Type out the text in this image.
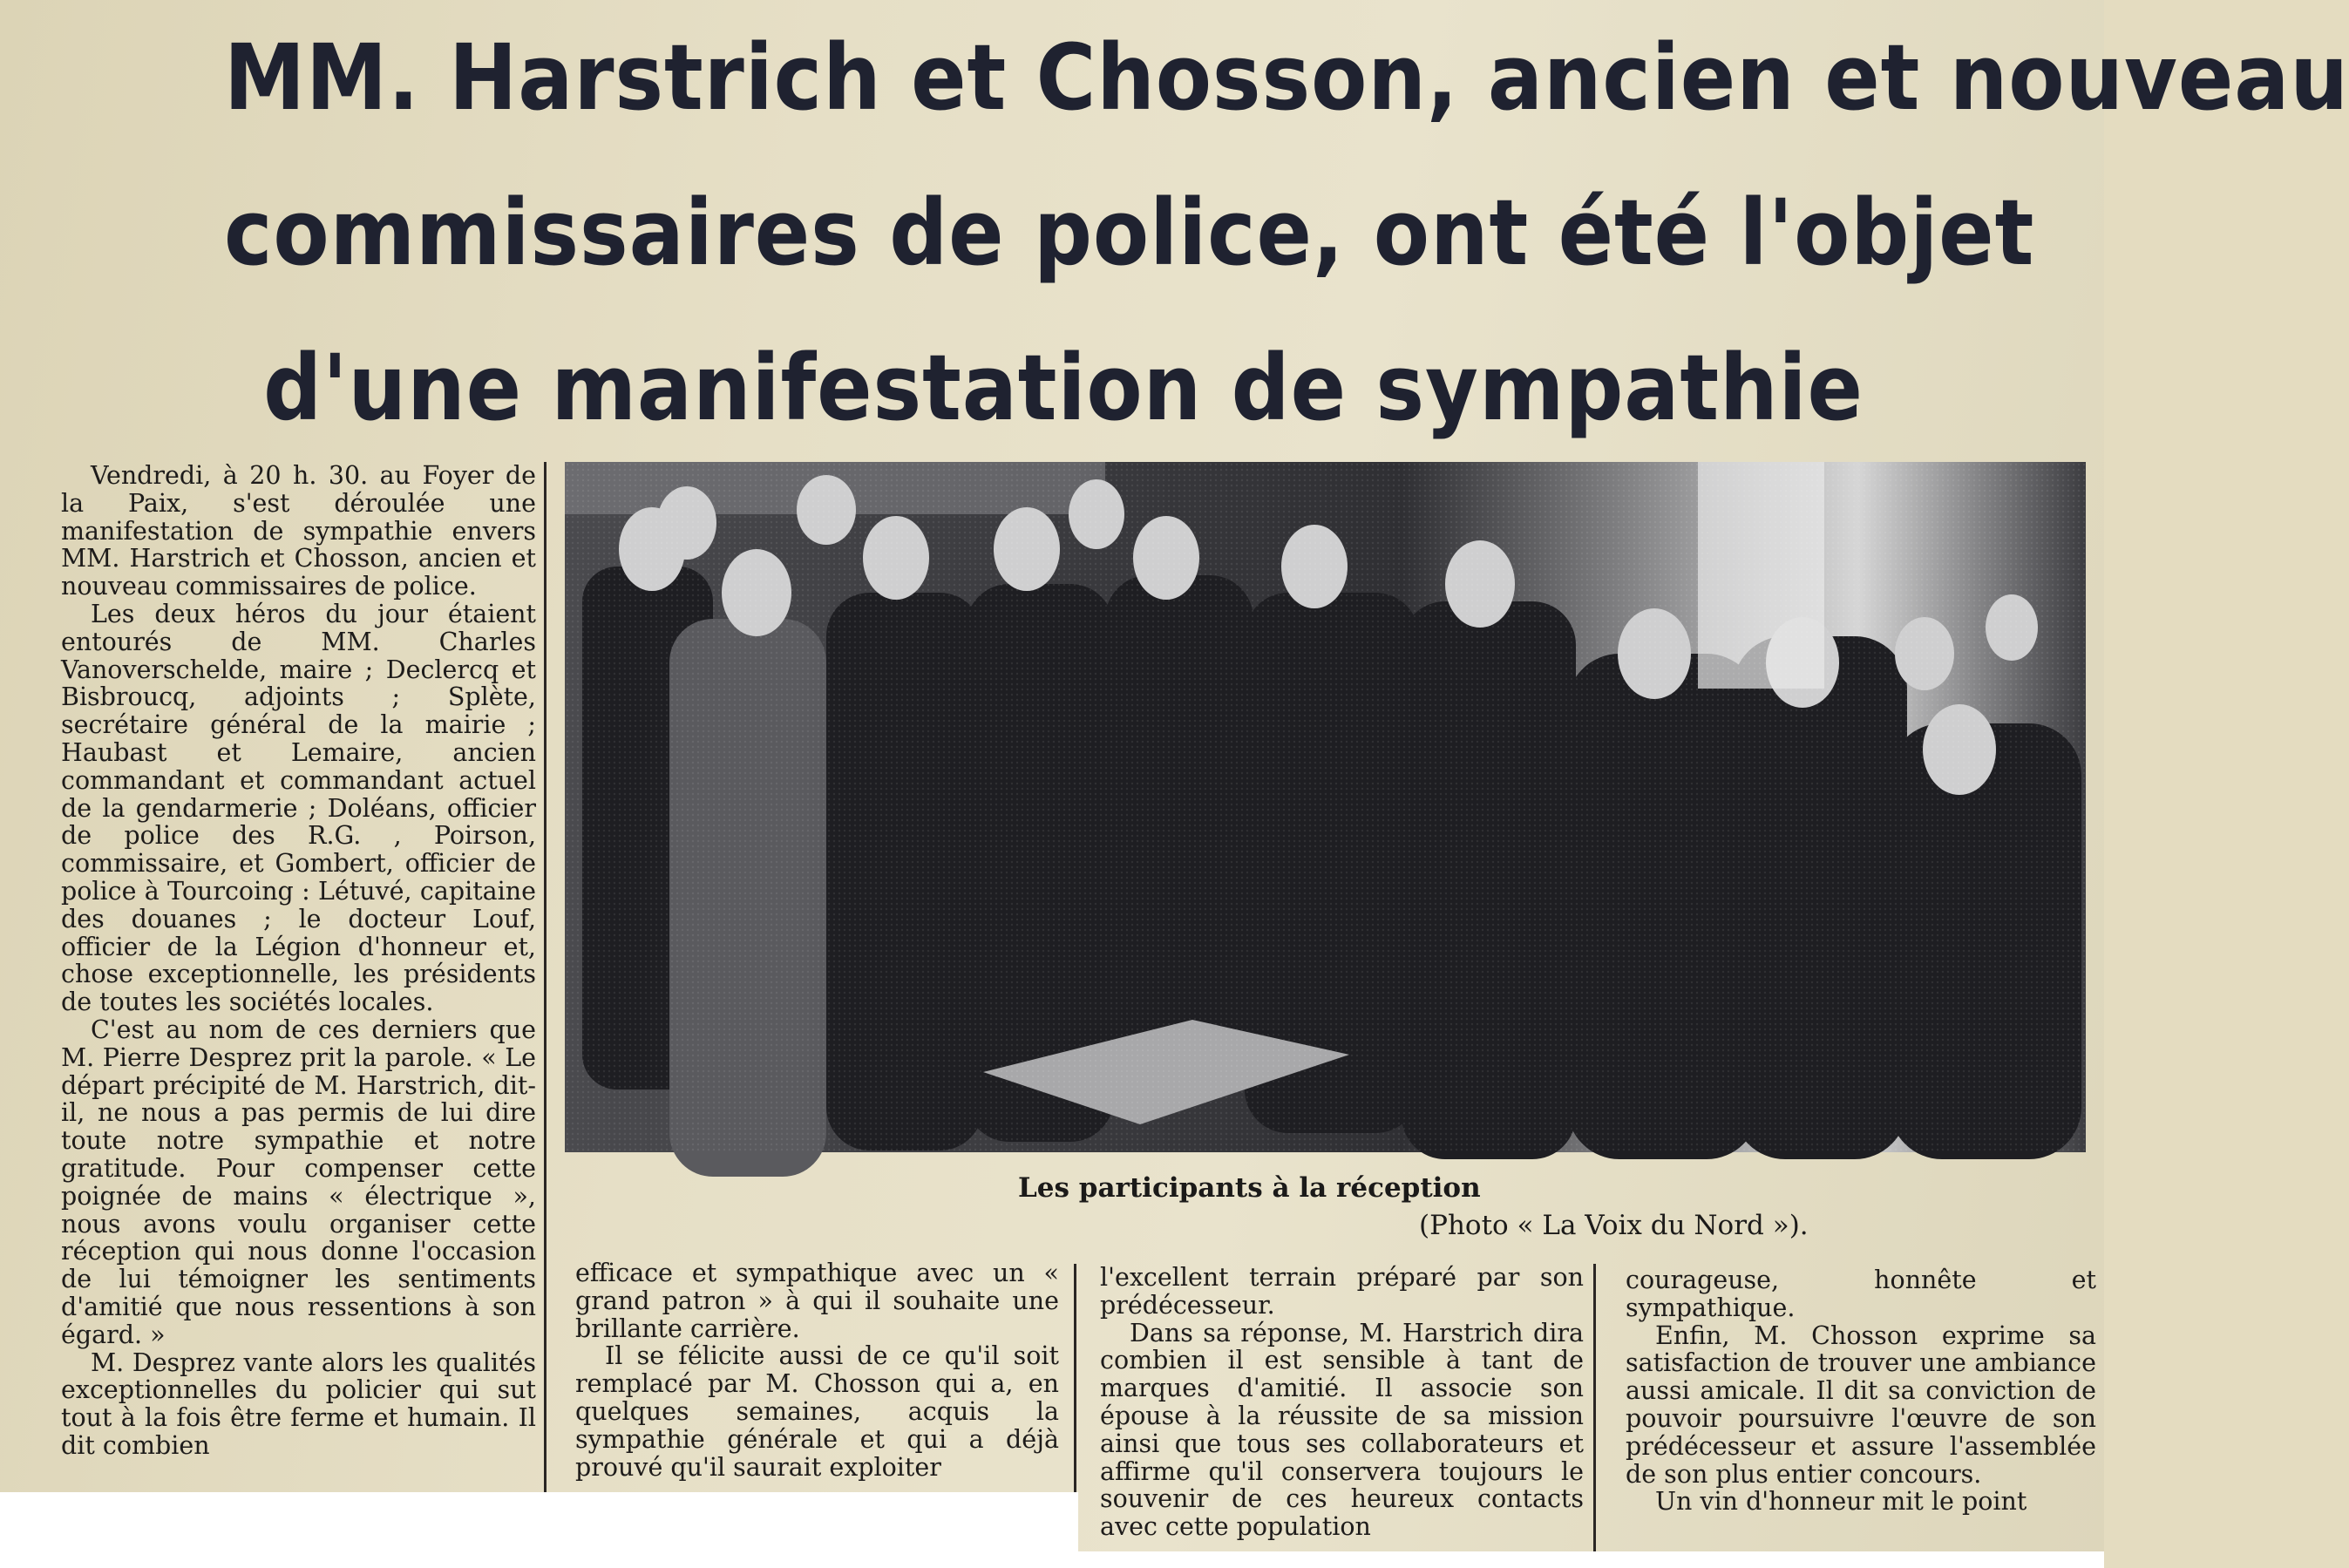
MM. Harstrich et Chosson, ancien et nouveau
commissaires de police, ont été l'objet
d'une manifestation de sympathie

Vendredi, à 20 h. 30. au Foyer de la Paix, s'est déroulée une manifestation de sympathie envers MM. Harstrich et Chosson, ancien et nouveau commissaires de police.

Les deux héros du jour étaient entourés de MM. Charles Vanoverschelde, maire ; Declercq et Bisbroucq, adjoints ; Splète, secrétaire général de la mairie ; Haubast et Lemaire, ancien commandant et commandant actuel de la gendarmerie ; Doléans, officier de police des R.G. , Poirson, commissaire, et Gombert, officier de police à Tourcoing : Létuvé, capitaine des douanes ; le docteur Louf, officier de la Légion d'honneur et, chose exceptionnelle, les présidents de toutes les sociétés locales.

C'est au nom de ces derniers que M. Pierre Desprez prit la parole. « Le départ précipité de M. Harstrich, dit-il, ne nous a pas permis de lui dire toute notre sympathie et notre gratitude. Pour compenser cette poignée de mains « électrique », nous avons voulu organiser cette réception qui nous donne l'occasion de lui témoigner les sentiments d'amitié que nous ressentions à son égard. »

M. Desprez vante alors les qualités exceptionnelles du policier qui sut tout à la fois être ferme et humain. Il dit combien

Les participants à la réception
(Photo « La Voix du Nord »).

efficace et sympathique avec un « grand patron » à qui il souhaite une brillante carrière.

Il se félicite aussi de ce qu'il soit remplacé par M. Chosson qui a, en quelques semaines, acquis la sympathie générale et qui a déjà prouvé qu'il saurait exploiter

l'excellent terrain préparé par son prédécesseur.

Dans sa réponse, M. Harstrich dira combien il est sensible à tant de marques d'amitié. Il associe son épouse à la réussite de sa mission ainsi que tous ses collaborateurs et affirme qu'il conservera toujours le souvenir de ces heureux contacts avec cette population

courageuse, honnête et sympathique.

Enfin, M. Chosson exprime sa satisfaction de trouver une ambiance aussi amicale. Il dit sa conviction de pouvoir poursuivre l'œuvre de son prédécesseur et assure l'assemblée de son plus entier concours.

Un vin d'honneur mit le point
